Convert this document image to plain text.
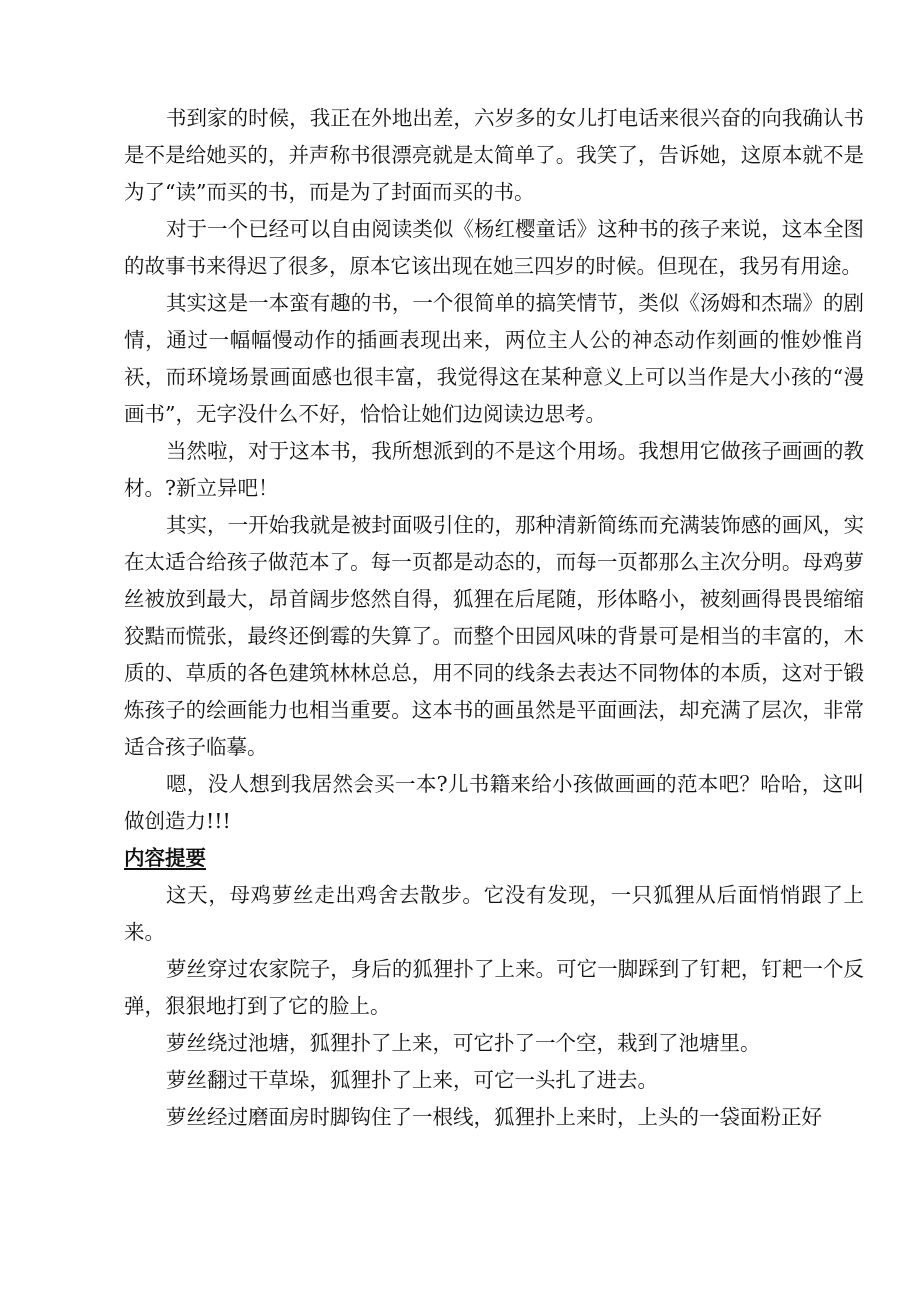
书到家的时候，我正在外地出差，六岁多的女儿打电话来很兴奋的向我确认书是不是给她买的，并声称书很漂亮就是太简单了。我笑了，告诉她，这原本就不是为了“读”而买的书，而是为了封面而买的书。

对于一个已经可以自由阅读类似《杨红樱童话》这种书的孩子来说，这本全图的故事书来得迟了很多，原本它该出现在她三四岁的时候。但现在，我另有用途。

其实这是一本蛮有趣的书，一个很简单的搞笑情节，类似《汤姆和杰瑞》的剧情，通过一幅幅慢动作的插画表现出来，两位主人公的神态动作刻画的惟妙惟肖祆，而环境场景画面感也很丰富，我觉得这在某种意义上可以当作是大小孩的“漫画书”，无字没什么不好，恰恰让她们边阅读边思考。

当然啦，对于这本书，我所想派到的不是这个用场。我想用它做孩子画画的教材。?新立异吧！

其实，一开始我就是被封面吸引住的，那种清新简练而充满装饰感的画风，实在太适合给孩子做范本了。每一页都是动态的，而每一页都那么主次分明。母鸡萝丝被放到最大，昂首阔步悠然自得，狐狸在后尾随，形体略小，被刻画得畏畏缩缩狡黠而慌张，最终还倒霉的失算了。而整个田园风味的背景可是相当的丰富的，木质的、草质的各色建筑林林总总，用不同的线条去表达不同物体的本质，这对于锻炼孩子的绘画能力也相当重要。这本书的画虽然是平面画法，却充满了层次，非常适合孩子临摹。

嗯，没人想到我居然会买一本?儿书籍来给小孩做画画的范本吧？哈哈，这叫做创造力!!!

内容提要

这天，母鸡萝丝走出鸡舍去散步。它没有发现，一只狐狸从后面悄悄跟了上来。

萝丝穿过农家院子，身后的狐狸扑了上来。可它一脚踩到了钉耙，钉耙一个反弹，狠狠地打到了它的脸上。

萝丝绕过池塘，狐狸扑了上来，可它扑了一个空，栽到了池塘里。

萝丝翻过干草垛，狐狸扑了上来，可它一头扎了进去。

萝丝经过磨面房时脚钩住了一根线，狐狸扑上来时，上头的一袋面粉正好
